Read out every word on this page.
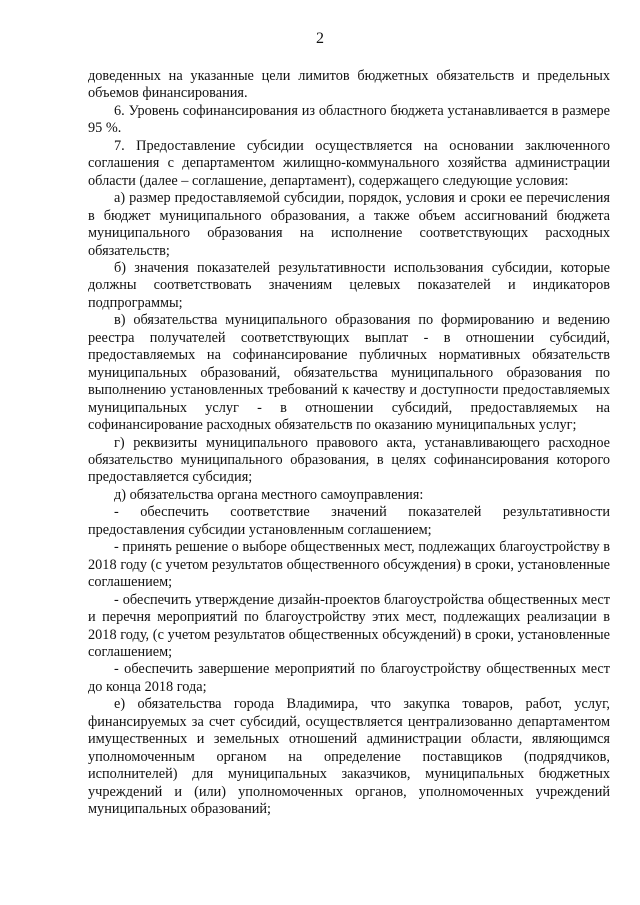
2

доведенных на указанные цели лимитов бюджетных обязательств и предельных объемов финансирования.

6. Уровень софинансирования из областного бюджета устанавливается в размере 95 %.

7. Предоставление субсидии осуществляется на основании заключенного соглашения с департаментом жилищно-коммунального хозяйства администрации области (далее – соглашение, департамент), содержащего следующие условия:

а) размер предоставляемой субсидии, порядок, условия и сроки ее перечисления в бюджет муниципального образования, а также объем ассигнований бюджета муниципального образования на исполнение соответствующих расходных обязательств;

б) значения показателей результативности использования субсидии, которые должны соответствовать значениям целевых показателей и индикаторов подпрограммы;

в) обязательства муниципального образования по формированию и ведению реестра получателей соответствующих выплат - в отношении субсидий, предоставляемых на софинансирование публичных нормативных обязательств муниципальных образований, обязательства муниципального образования по выполнению установленных требований к качеству и доступности предоставляемых муниципальных услуг - в отношении субсидий, предоставляемых на софинансирование расходных обязательств по оказанию муниципальных услуг;

г) реквизиты муниципального правового акта, устанавливающего расходное обязательство муниципального образования, в целях софинансирования которого предоставляется субсидия;

д) обязательства органа местного самоуправления:

- обеспечить соответствие значений показателей результативности предоставления субсидии установленным соглашением;

- принять решение о выборе общественных мест, подлежащих благоустройству в 2018 году (с учетом результатов общественного обсуждения) в сроки, установленные соглашением;

- обеспечить утверждение дизайн-проектов благоустройства общественных мест и перечня мероприятий по благоустройству этих мест, подлежащих реализации в 2018 году, (с учетом результатов общественных обсуждений) в сроки, установленные соглашением;

- обеспечить завершение мероприятий по благоустройству общественных мест до конца 2018 года;

е) обязательства города Владимира, что закупка товаров, работ, услуг, финансируемых за счет субсидий, осуществляется централизованно департаментом имущественных и земельных отношений администрации области, являющимся уполномоченным органом на определение поставщиков (подрядчиков, исполнителей) для муниципальных заказчиков, муниципальных бюджетных учреждений и (или) уполномоченных органов, уполномоченных учреждений муниципальных образований;
